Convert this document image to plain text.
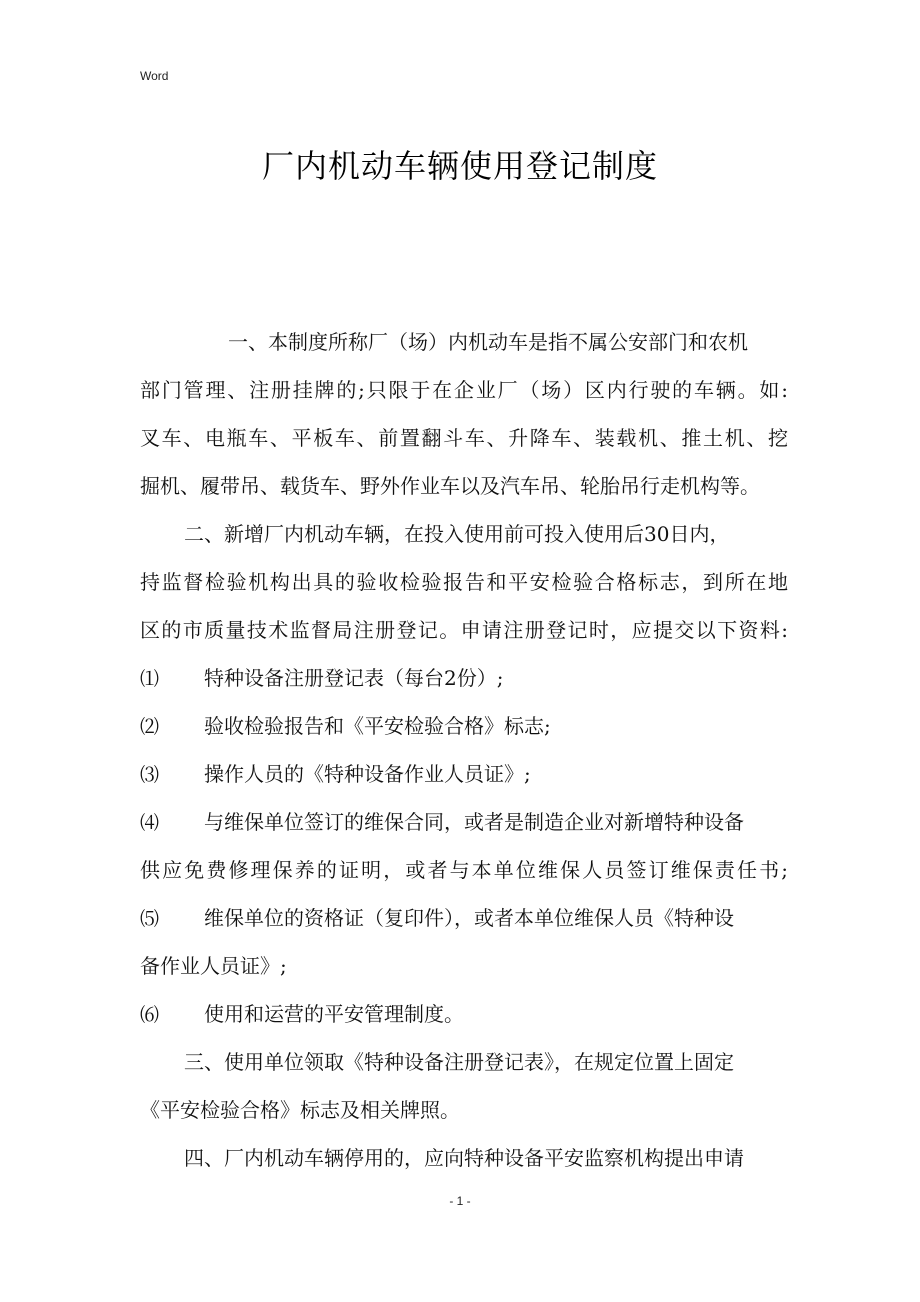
Word
厂内机动车辆使用登记制度
一、本制度所称厂（场）内机动车是指不属公安部门和农机
部门管理、注册挂牌的;只限于在企业厂（场）区内行驶的车辆。如:
叉车、电瓶车、平板车、前置翻斗车、升降车、装载机、推土机、挖
掘机、履带吊、载货车、野外作业车以及汽车吊、轮胎吊行走机构等。
二、新增厂内机动车辆，在投入使用前可投入使用后30日内，
持监督检验机构出具的验收检验报告和平安检验合格标志，到所在地
区的市质量技术监督局注册登记。申请注册登记时，应提交以下资料:
⑴ 特种设备注册登记表（每台2份）;
⑵ 验收检验报告和《平安检验合格》标志;
⑶ 操作人员的《特种设备作业人员证》;
⑷ 与维保单位签订的维保合同，或者是制造企业对新增特种设备
供应免费修理保养的证明，或者与本单位维保人员签订维保责任书;
⑸ 维保单位的资格证（复印件），或者本单位维保人员《特种设
备作业人员证》;
⑹ 使用和运营的平安管理制度。
三、使用单位领取《特种设备注册登记表》，在规定位置上固定
《平安检验合格》标志及相关牌照。
四、厂内机动车辆停用的，应向特种设备平安监察机构提出申请
- 1 -
